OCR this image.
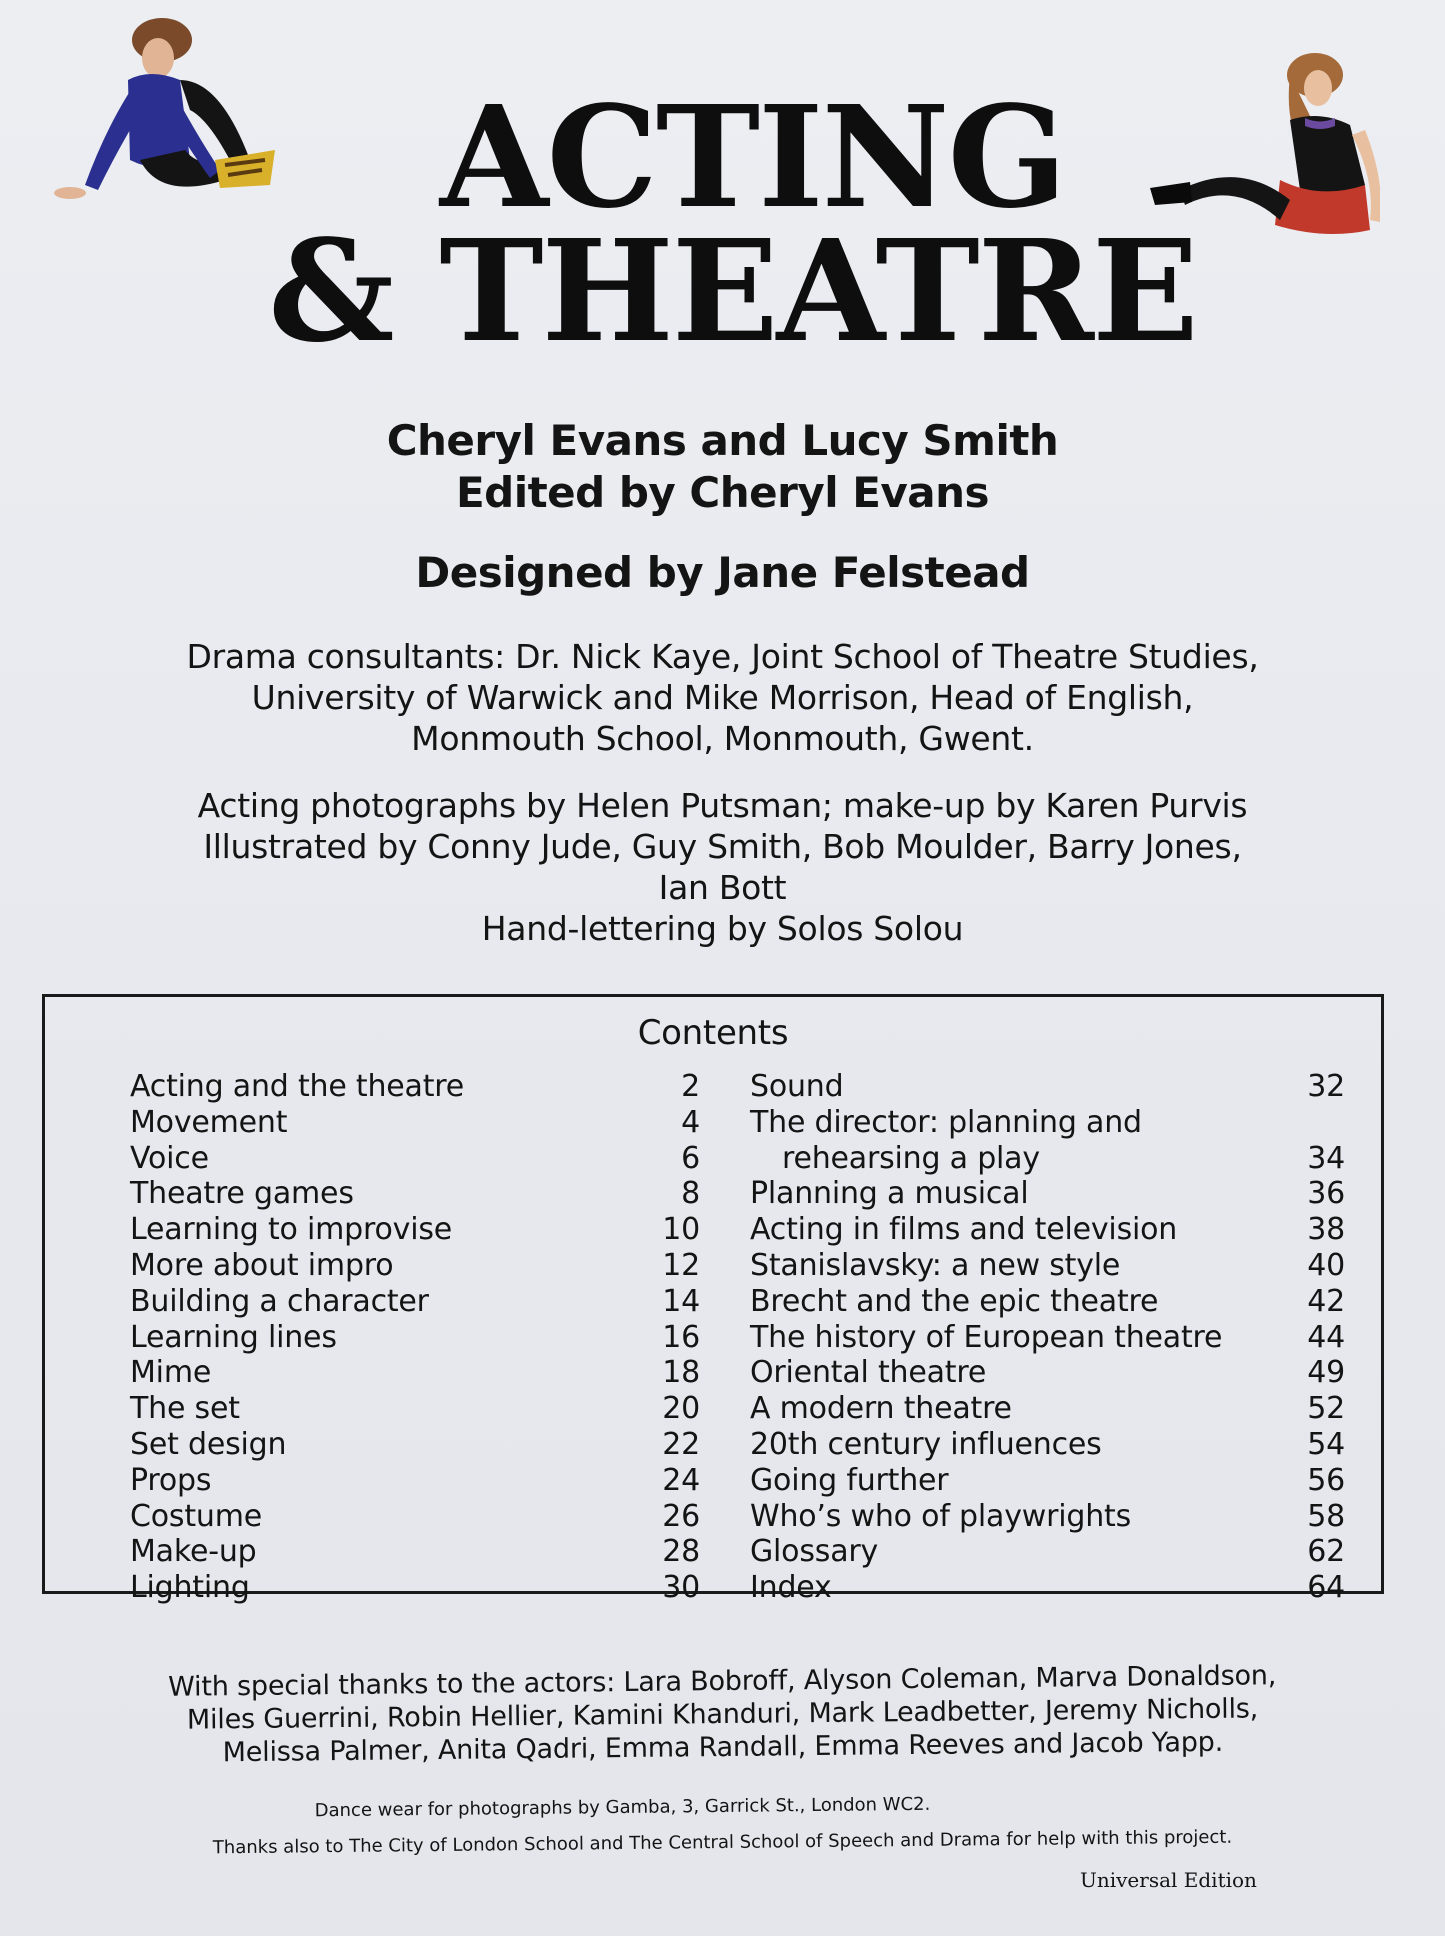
ACTING
& THEATRE
Cheryl Evans and Lucy Smith
Edited by Cheryl Evans
Designed by Jane Felstead
Drama consultants: Dr. Nick Kaye, Joint School of Theatre Studies,
University of Warwick and Mike Morrison, Head of English,
Monmouth School, Monmouth, Gwent.
Acting photographs by Helen Putsman; make-up by Karen Purvis
Illustrated by Conny Jude, Guy Smith, Bob Moulder, Barry Jones,
Ian Bott
Hand-lettering by Solos Solou
Contents
Acting and the theatre	2
Movement	4
Voice	6
Theatre games	8
Learning to improvise	10
More about impro	12
Building a character	14
Learning lines	16
Mime	18
The set	20
Set design	22
Props	24
Costume	26
Make-up	28
Lighting	30
Sound	32
The director: planning and
rehearsing a play	34
Planning a musical	36
Acting in films and television	38
Stanislavsky: a new style	40
Brecht and the epic theatre	42
The history of European theatre	44
Oriental theatre	49
A modern theatre	52
20th century influences	54
Going further	56
Who’s who of playwrights	58
Glossary	62
Index	64
With special thanks to the actors: Lara Bobroff, Alyson Coleman, Marva Donaldson,
Miles Guerrini, Robin Hellier, Kamini Khanduri, Mark Leadbetter, Jeremy Nicholls,
Melissa Palmer, Anita Qadri, Emma Randall, Emma Reeves and Jacob Yapp.
Dance wear for photographs by Gamba, 3, Garrick St., London WC2.
Thanks also to The City of London School and The Central School of Speech and Drama for help with this project.
Universal Edition
